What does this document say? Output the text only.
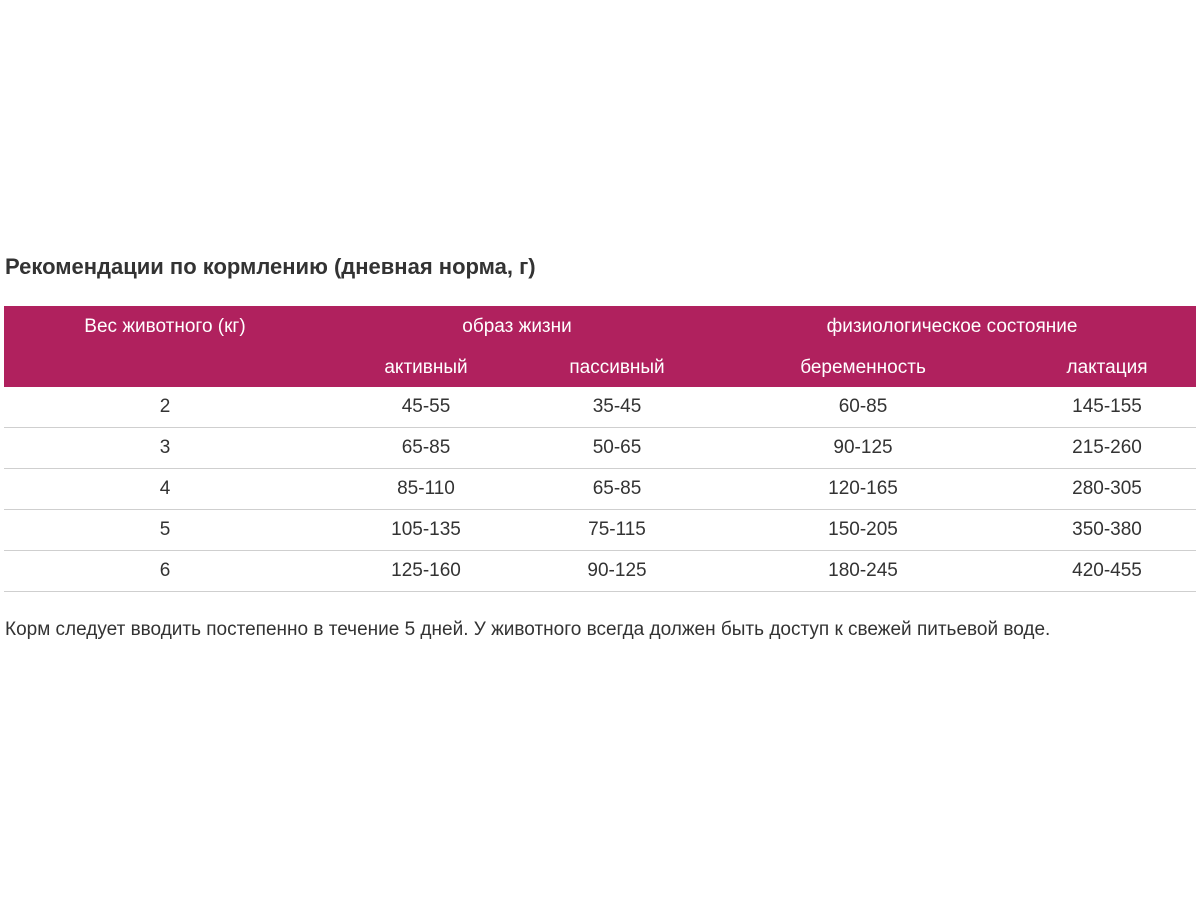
Рекомендации по кормлению (дневная норма, г)
Вес животного (кг)	образ жизни		физиологическое состояние	
	активный	пассивный	беременность	лактация
2	45-55	35-45	60-85	145-155
3	65-85	50-65	90-125	215-260
4	85-110	65-85	120-165	280-305
5	105-135	75-115	150-205	350-380
6	125-160	90-125	180-245	420-455

Корм следует вводить постепенно в течение 5 дней. У животного всегда должен быть доступ к свежей питьевой воде.
